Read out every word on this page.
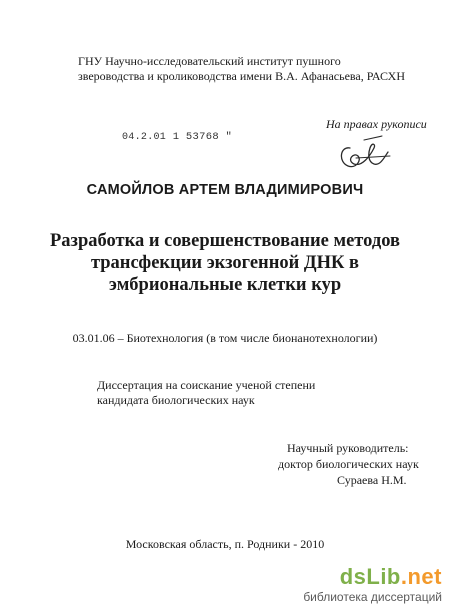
ГНУ Научно-исследовательский институт пушного звероводства и кролиководства имени В.А. Афанасьева, РАСХН
04.2.01 1 53768 "
На правах рукописи
САМОЙЛОВ АРТЕМ ВЛАДИМИРОВИЧ
Разработка и совершенствование методов
трансфекции экзогенной ДНК в
эмбриональные клетки кур
03.01.06 – Биотехнология (в том числе бионанотехнологии)
Диссертация на соискание ученой степени
кандидата биологических наук
Научный руководитель:
доктор биологических наук
Сураева Н.М.
Московская область, п. Родники - 2010
dsLib.net
библиотека диссертаций
